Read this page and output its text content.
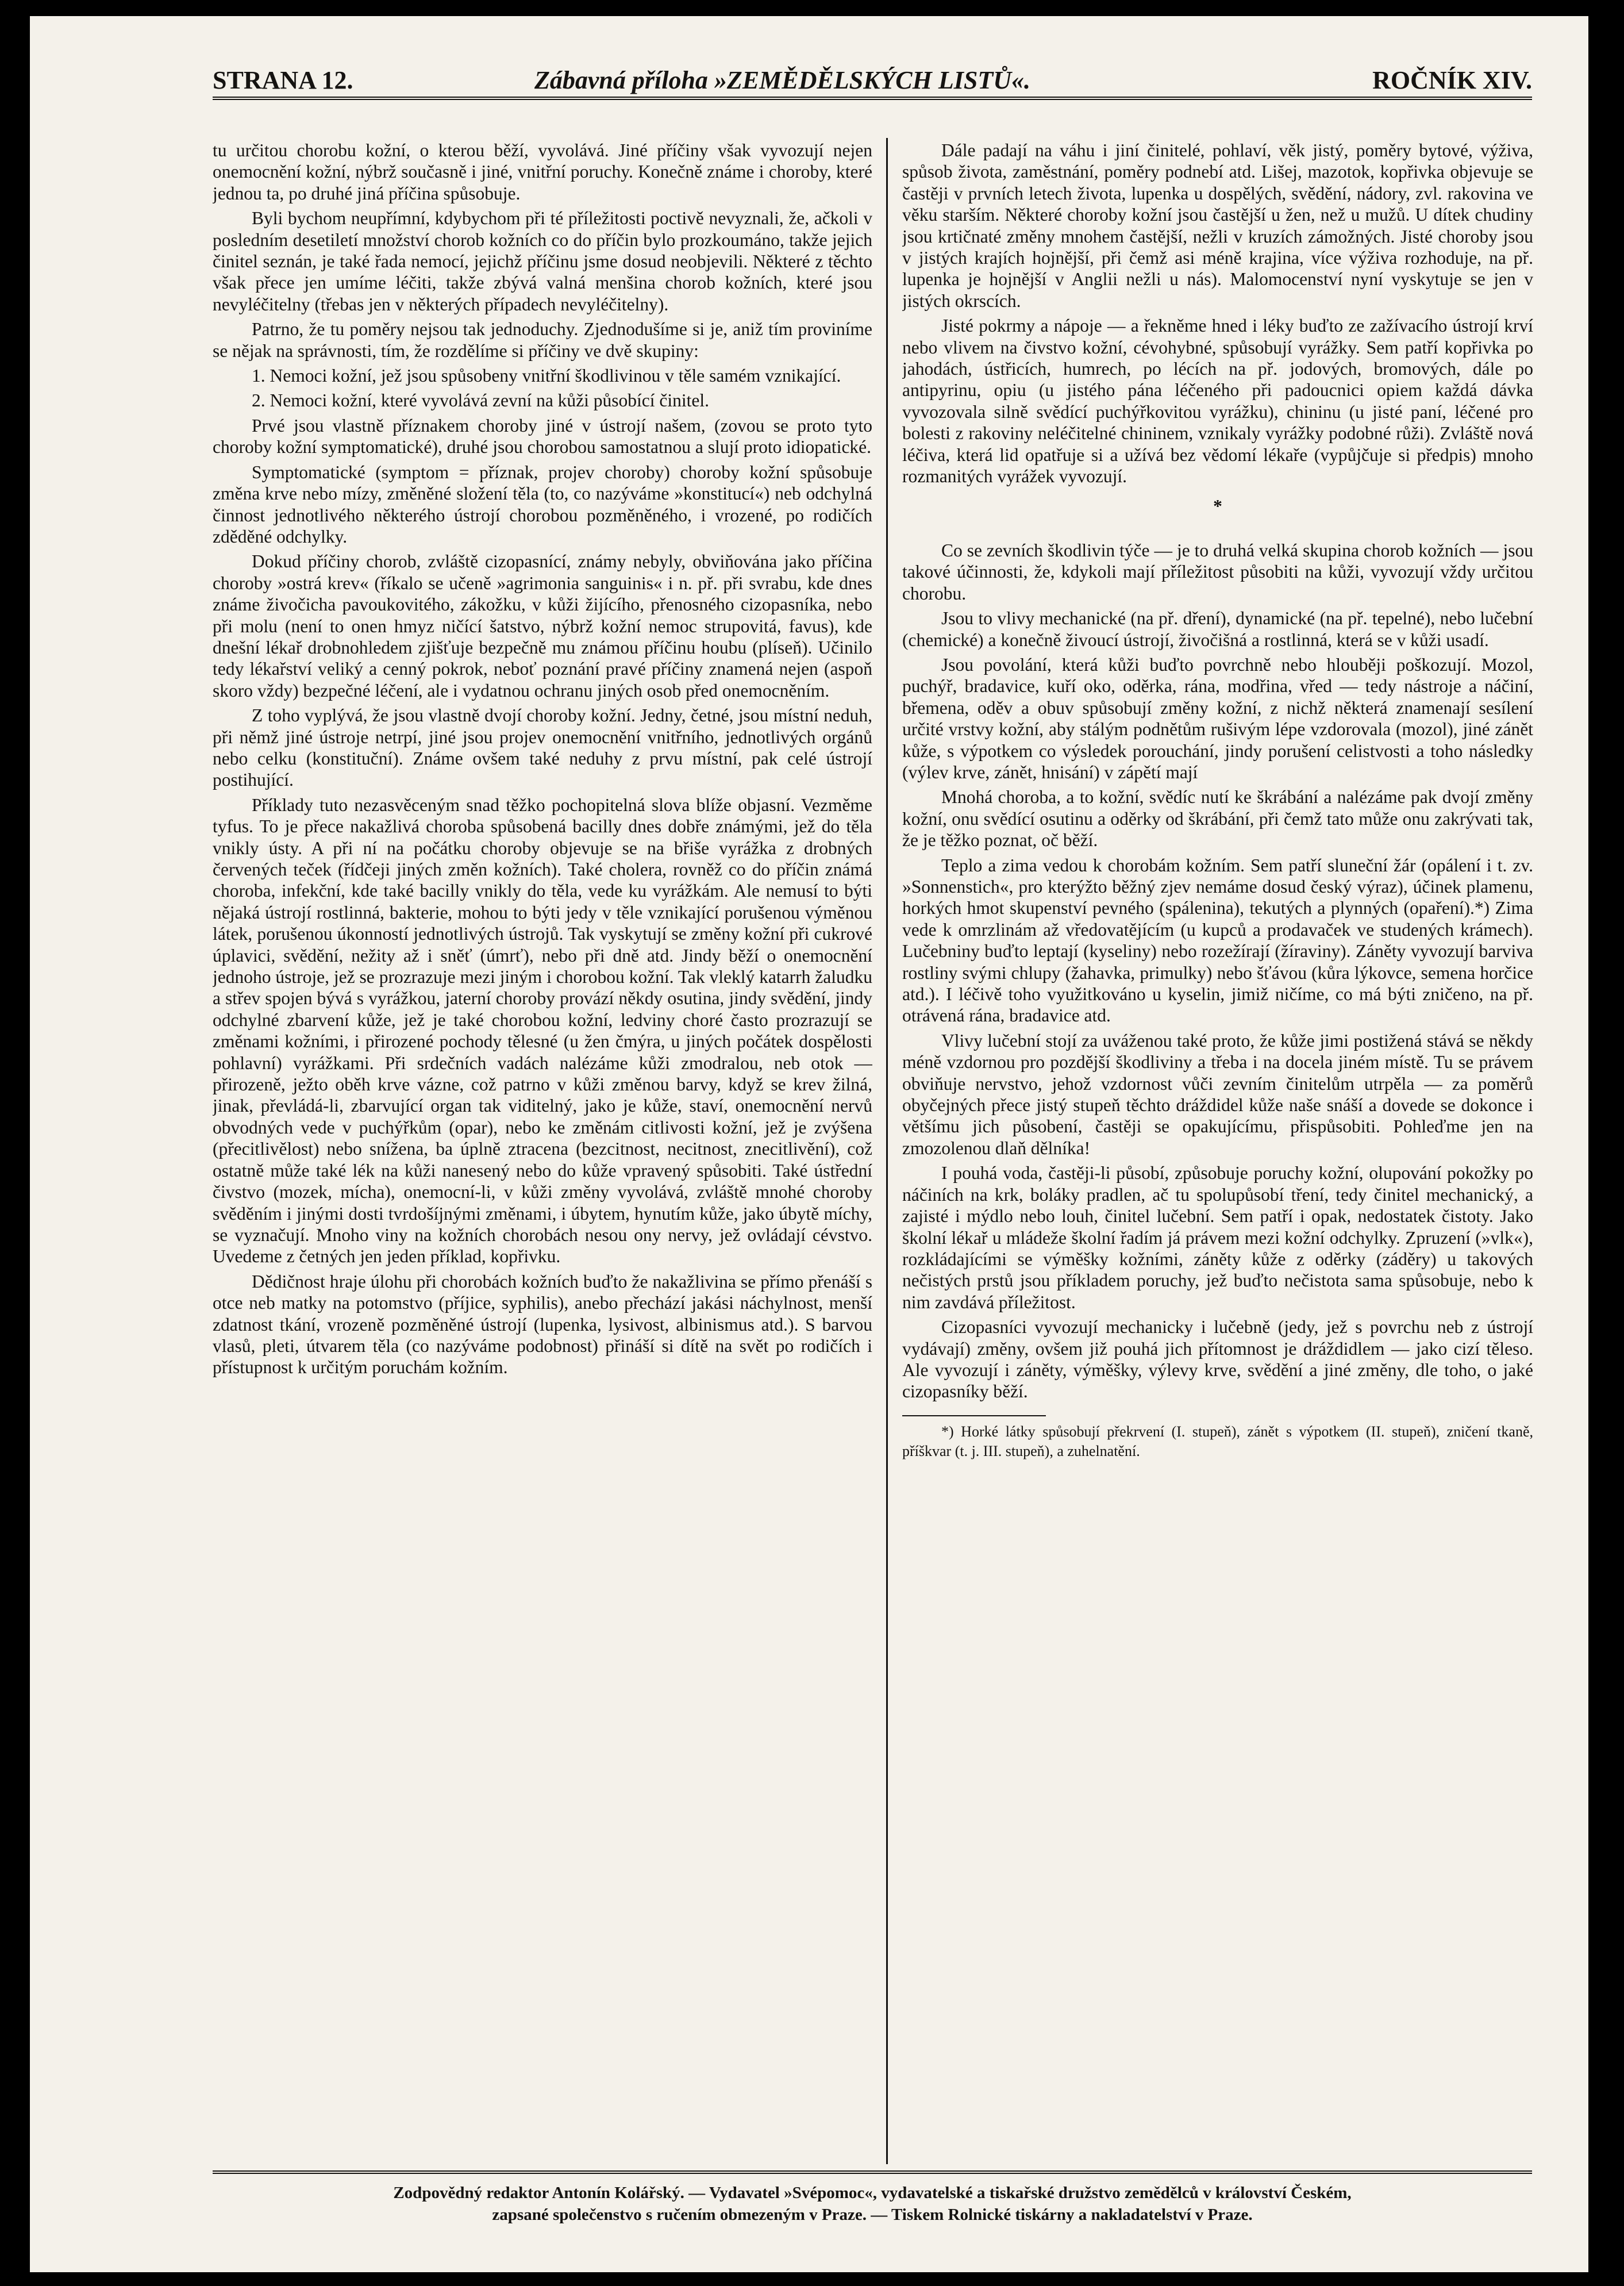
STRANA 12.	Zábavná příloha »ZEMĚDĚLSKÝCH LISTŮ«.	ROČNÍK XIV.

tu určitou chorobu kožní, o kterou běží, vyvolává. Jiné příčiny však vyvozují nejen onemocnění kožní, nýbrž současně i jiné, vnitřní poruchy. Konečně známe i choroby, které jednou ta, po druhé jiná příčina spůsobuje.

Byli bychom neupřímní, kdybychom při té příležitosti poctivě nevyznali, že, ačkoli v posledním desetiletí množství chorob kožních co do příčin bylo prozkoumáno, takže jejich činitel seznán, je také řada nemocí, jejichž příčinu jsme dosud neobjevili. Některé z těchto však přece jen umíme léčiti, takže zbývá valná menšina chorob kožních, které jsou nevyléčitelny (třebas jen v některých případech nevyléčitelny).

Patrno, že tu poměry nejsou tak jednoduchy. Zjednodušíme si je, aniž tím proviníme se nějak na správnosti, tím, že rozdělíme si příčiny ve dvě skupiny:

1. Nemoci kožní, jež jsou spůsobeny vnitřní škodlivinou v těle samém vznikající.

2. Nemoci kožní, které vyvolává zevní na kůži působící činitel.

Prvé jsou vlastně příznakem choroby jiné v ústrojí našem, (zovou se proto tyto choroby kožní symptomatické), druhé jsou chorobou samostatnou a slují proto idiopatické.

Symptomatické (symptom = příznak, projev choroby) choroby kožní spůsobuje změna krve nebo mízy, změněné složení těla (to, co nazýváme »konstitucí«) neb odchylná činnost jednotlivého některého ústrojí chorobou pozměněného, i vrozené, po rodičích zděděné odchylky.

Dokud příčiny chorob, zvláště cizopasnící, známy nebyly, obviňována jako příčina choroby »ostrá krev« (říkalo se učeně »agrimonia sanguinis« i n. př. při svrabu, kde dnes známe živočicha pavoukovitého, zákožku, v kůži žijícího, přenosného cizopasníka, nebo při molu (není to onen hmyz ničící šatstvo, nýbrž kožní nemoc strupovitá, favus), kde dnešní lékař drobnohledem zjišťuje bezpečně mu známou příčinu houbu (plíseň). Učinilo tedy lékařství veliký a cenný pokrok, neboť poznání pravé příčiny znamená nejen (aspoň skoro vždy) bezpečné léčení, ale i vydatnou ochranu jiných osob před onemocněním.

Z toho vyplývá, že jsou vlastně dvojí choroby kožní. Jedny, četné, jsou místní neduh, při němž jiné ústroje netrpí, jiné jsou projev onemocnění vnitřního, jednotlivých orgánů nebo celku (konstituční). Známe ovšem také neduhy z prvu místní, pak celé ústrojí postihující.

Příklady tuto nezasvěceným snad těžko pochopitelná slova blíže objasní. Vezměme tyfus. To je přece nakažlivá choroba spůsobená bacilly dnes dobře známými, jež do těla vnikly ústy. A při ní na počátku choroby objevuje se na břiše vyrážka z drobných červených teček (řídčeji jiných změn kožních). Také cholera, rovněž co do příčin známá choroba, infekční, kde také bacilly vnikly do těla, vede ku vyrážkám. Ale nemusí to býti nějaká ústrojí rostlinná, bakterie, mohou to býti jedy v těle vznikající porušenou výměnou látek, porušenou úkonností jednotlivých ústrojů. Tak vyskytují se změny kožní při cukrové úplavici, svědění, nežity až i sněť (úmrť), nebo při dně atd. Jindy běží o onemocnění jednoho ústroje, jež se prozrazuje mezi jiným i chorobou kožní. Tak vleklý katarrh žaludku a střev spojen bývá s vyrážkou, jaterní choroby provází někdy osutina, jindy svědění, jindy odchylné zbarvení kůže, jež je také chorobou kožní, ledviny choré často prozrazují se změnami kožními, i přirozené pochody tělesné (u žen čmýra, u jiných počátek dospělosti pohlavní) vyrážkami. Při srdečních vadách nalézáme kůži zmodralou, neb otok — přirozeně, ježto oběh krve vázne, což patrno v kůži změnou barvy, když se krev žilná, jinak, převládá-li, zbarvující organ tak viditelný, jako je kůže, staví, onemocnění nervů obvodných vede v puchýřkům (opar), nebo ke změnám citlivosti kožní, jež je zvýšena (přecitlivělost) nebo snížena, ba úplně ztracena (bezcitnost, necitnost, znecitlivění), což ostatně může také lék na kůži nanesený nebo do kůže vpravený spůsobiti. Také ústřední čivstvo (mozek, mícha), onemocní-li, v kůži změny vyvolává, zvláště mnohé choroby svěděním i jinými dosti tvrdošíjnými změnami, i úbytem, hynutím kůže, jako úbytě míchy, se vyznačují. Mnoho viny na kožních chorobách nesou ony nervy, jež ovládají cévstvo. Uvedeme z četných jen jeden příklad, kopřivku.

Dědičnost hraje úlohu při chorobách kožních buďto že nakažlivina se přímo přenáší s otce neb matky na potomstvo (příjice, syphilis), anebo přechází jakási náchylnost, menší zdatnost tkání, vrozeně pozměněné ústrojí (lupenka, lysivost, albinismus atd.). S barvou vlasů, pleti, útvarem těla (co nazýváme podobnost) přináší si dítě na svět po rodičích i přístupnost k určitým poruchám kožním.

Dále padají na váhu i jiní činitelé, pohlaví, věk jistý, poměry bytové, výživa, spůsob života, zaměstnání, poměry podnebí atd. Lišej, mazotok, kopřivka objevuje se častěji v prvních letech života, lupenka u dospělých, svědění, nádory, zvl. rakovina ve věku starším. Některé choroby kožní jsou častější u žen, než u mužů. U dítek chudiny jsou krtičnaté změny mnohem častější, nežli v kruzích zámožných. Jisté choroby jsou v jistých krajích hojnější, při čemž asi méně krajina, více výživa rozhoduje, na př. lupenka je hojnější v Anglii nežli u nás). Malomocenství nyní vyskytuje se jen v jistých okrscích.

Jisté pokrmy a nápoje — a řekněme hned i léky buďto ze zažívacího ústrojí krví nebo vlivem na čivstvo kožní, cévohybné, spůsobují vyrážky. Sem patří kopřivka po jahodách, ústřicích, humrech, po lécích na př. jodových, bromových, dále po antipyrinu, opiu (u jistého pána léčeného při padoucnici opiem každá dávka vyvozovala silně svědící puchýřkovitou vyrážku), chininu (u jisté paní, léčené pro bolesti z rakoviny neléčitelné chininem, vznikaly vyrážky podobné růži). Zvláště nová léčiva, která lid opatřuje si a užívá bez vědomí lékaře (vypůjčuje si předpis) mnoho rozmanitých vyrážek vyvozují.

*

Co se zevních škodlivin týče — je to druhá velká skupina chorob kožních — jsou takové účinnosti, že, kdykoli mají příležitost působiti na kůži, vyvozují vždy určitou chorobu.

Jsou to vlivy mechanické (na př. dření), dynamické (na př. tepelné), nebo lučební (chemické) a konečně živoucí ústrojí, živočišná a rostlinná, která se v kůži usadí.

Jsou povolání, která kůži buďto povrchně nebo hlouběji poškozují. Mozol, puchýř, bradavice, kuří oko, oděrka, rána, modřina, vřed — tedy nástroje a náčiní, břemena, oděv a obuv spůsobují změny kožní, z nichž některá znamenají sesílení určité vrstvy kožní, aby stálým podnětům rušivým lépe vzdorovala (mozol), jiné zánět kůže, s výpotkem co výsledek porouchání, jindy porušení celistvosti a toho následky (výlev krve, zánět, hnisání) v zápětí mají

Mnohá choroba, a to kožní, svědíc nutí ke škrábání a nalézáme pak dvojí změny kožní, onu svědící osutinu a oděrky od škrábání, při čemž tato může onu zakrývati tak, že je těžko poznat, oč běží.

Teplo a zima vedou k chorobám kožním. Sem patří sluneční žár (opálení i t. zv. »Sonnenstich«, pro kterýžto běžný zjev nemáme dosud český výraz), účinek plamenu, horkých hmot skupenství pevného (spálenina), tekutých a plynných (opaření).*) Zima vede k omrzlinám až vředovatějícím (u kupců a prodavaček ve studených krámech). Lučebniny buďto leptají (kyseliny) nebo rozežírají (žíraviny). Záněty vyvozují barviva rostliny svými chlupy (žahavka, primulky) nebo šťávou (kůra lýkovce, semena horčice atd.). I léčivě toho využitkováno u kyselin, jimiž ničíme, co má býti zničeno, na př. otrávená rána, bradavice atd.

Vlivy lučební stojí za uváženou také proto, že kůže jimi postižená stává se někdy méně vzdornou pro pozdější škodliviny a třeba i na docela jiném místě. Tu se právem obviňuje nervstvo, jehož vzdornost vůči zevním činitelům utrpěla — za poměrů obyčejných přece jistý stupeň těchto dráždidel kůže naše snáší a dovede se dokonce i většímu jich působení, častěji se opakujícímu, přispůsobiti. Pohleďme jen na zmozolenou dlaň dělníka!

I pouhá voda, častěji-li působí, způsobuje poruchy kožní, olupování pokožky po náčiních na krk, boláky pradlen, ač tu spolupůsobí tření, tedy činitel mechanický, a zajisté i mýdlo nebo louh, činitel lučební. Sem patří i opak, nedostatek čistoty. Jako školní lékař u mládeže školní řadím já právem mezi kožní odchylky. Zpruzení (»vlk«), rozkládajícími se výměšky kožními, záněty kůže z oděrky (záděry) u takových nečistých prstů jsou příkladem poruchy, jež buďto nečistota sama spůsobuje, nebo k nim zavdává příležitost.

Cizopasníci vyvozují mechanicky i lučebně (jedy, jež s povrchu neb z ústrojí vydávají) změny, ovšem již pouhá jich přítomnost je dráždidlem — jako cizí těleso. Ale vyvozují i záněty, výměšky, výlevy krve, svědění a jiné změny, dle toho, o jaké cizopasníky běží.

*) Horké látky spůsobují překrvení (I. stupeň), zánět s výpotkem (II. stupeň), zničení tkaně, příškvar (t. j. III. stupeň), a zuhelnatění.

Zodpovědný redaktor Antonín Kolářský. — Vydavatel »Svépomoc«, vydavatelské a tiskařské družstvo zemědělců v království Českém,
zapsané společenstvo s ručením obmezeným v Praze. — Tiskem Rolnické tiskárny a nakladatelství v Praze.
